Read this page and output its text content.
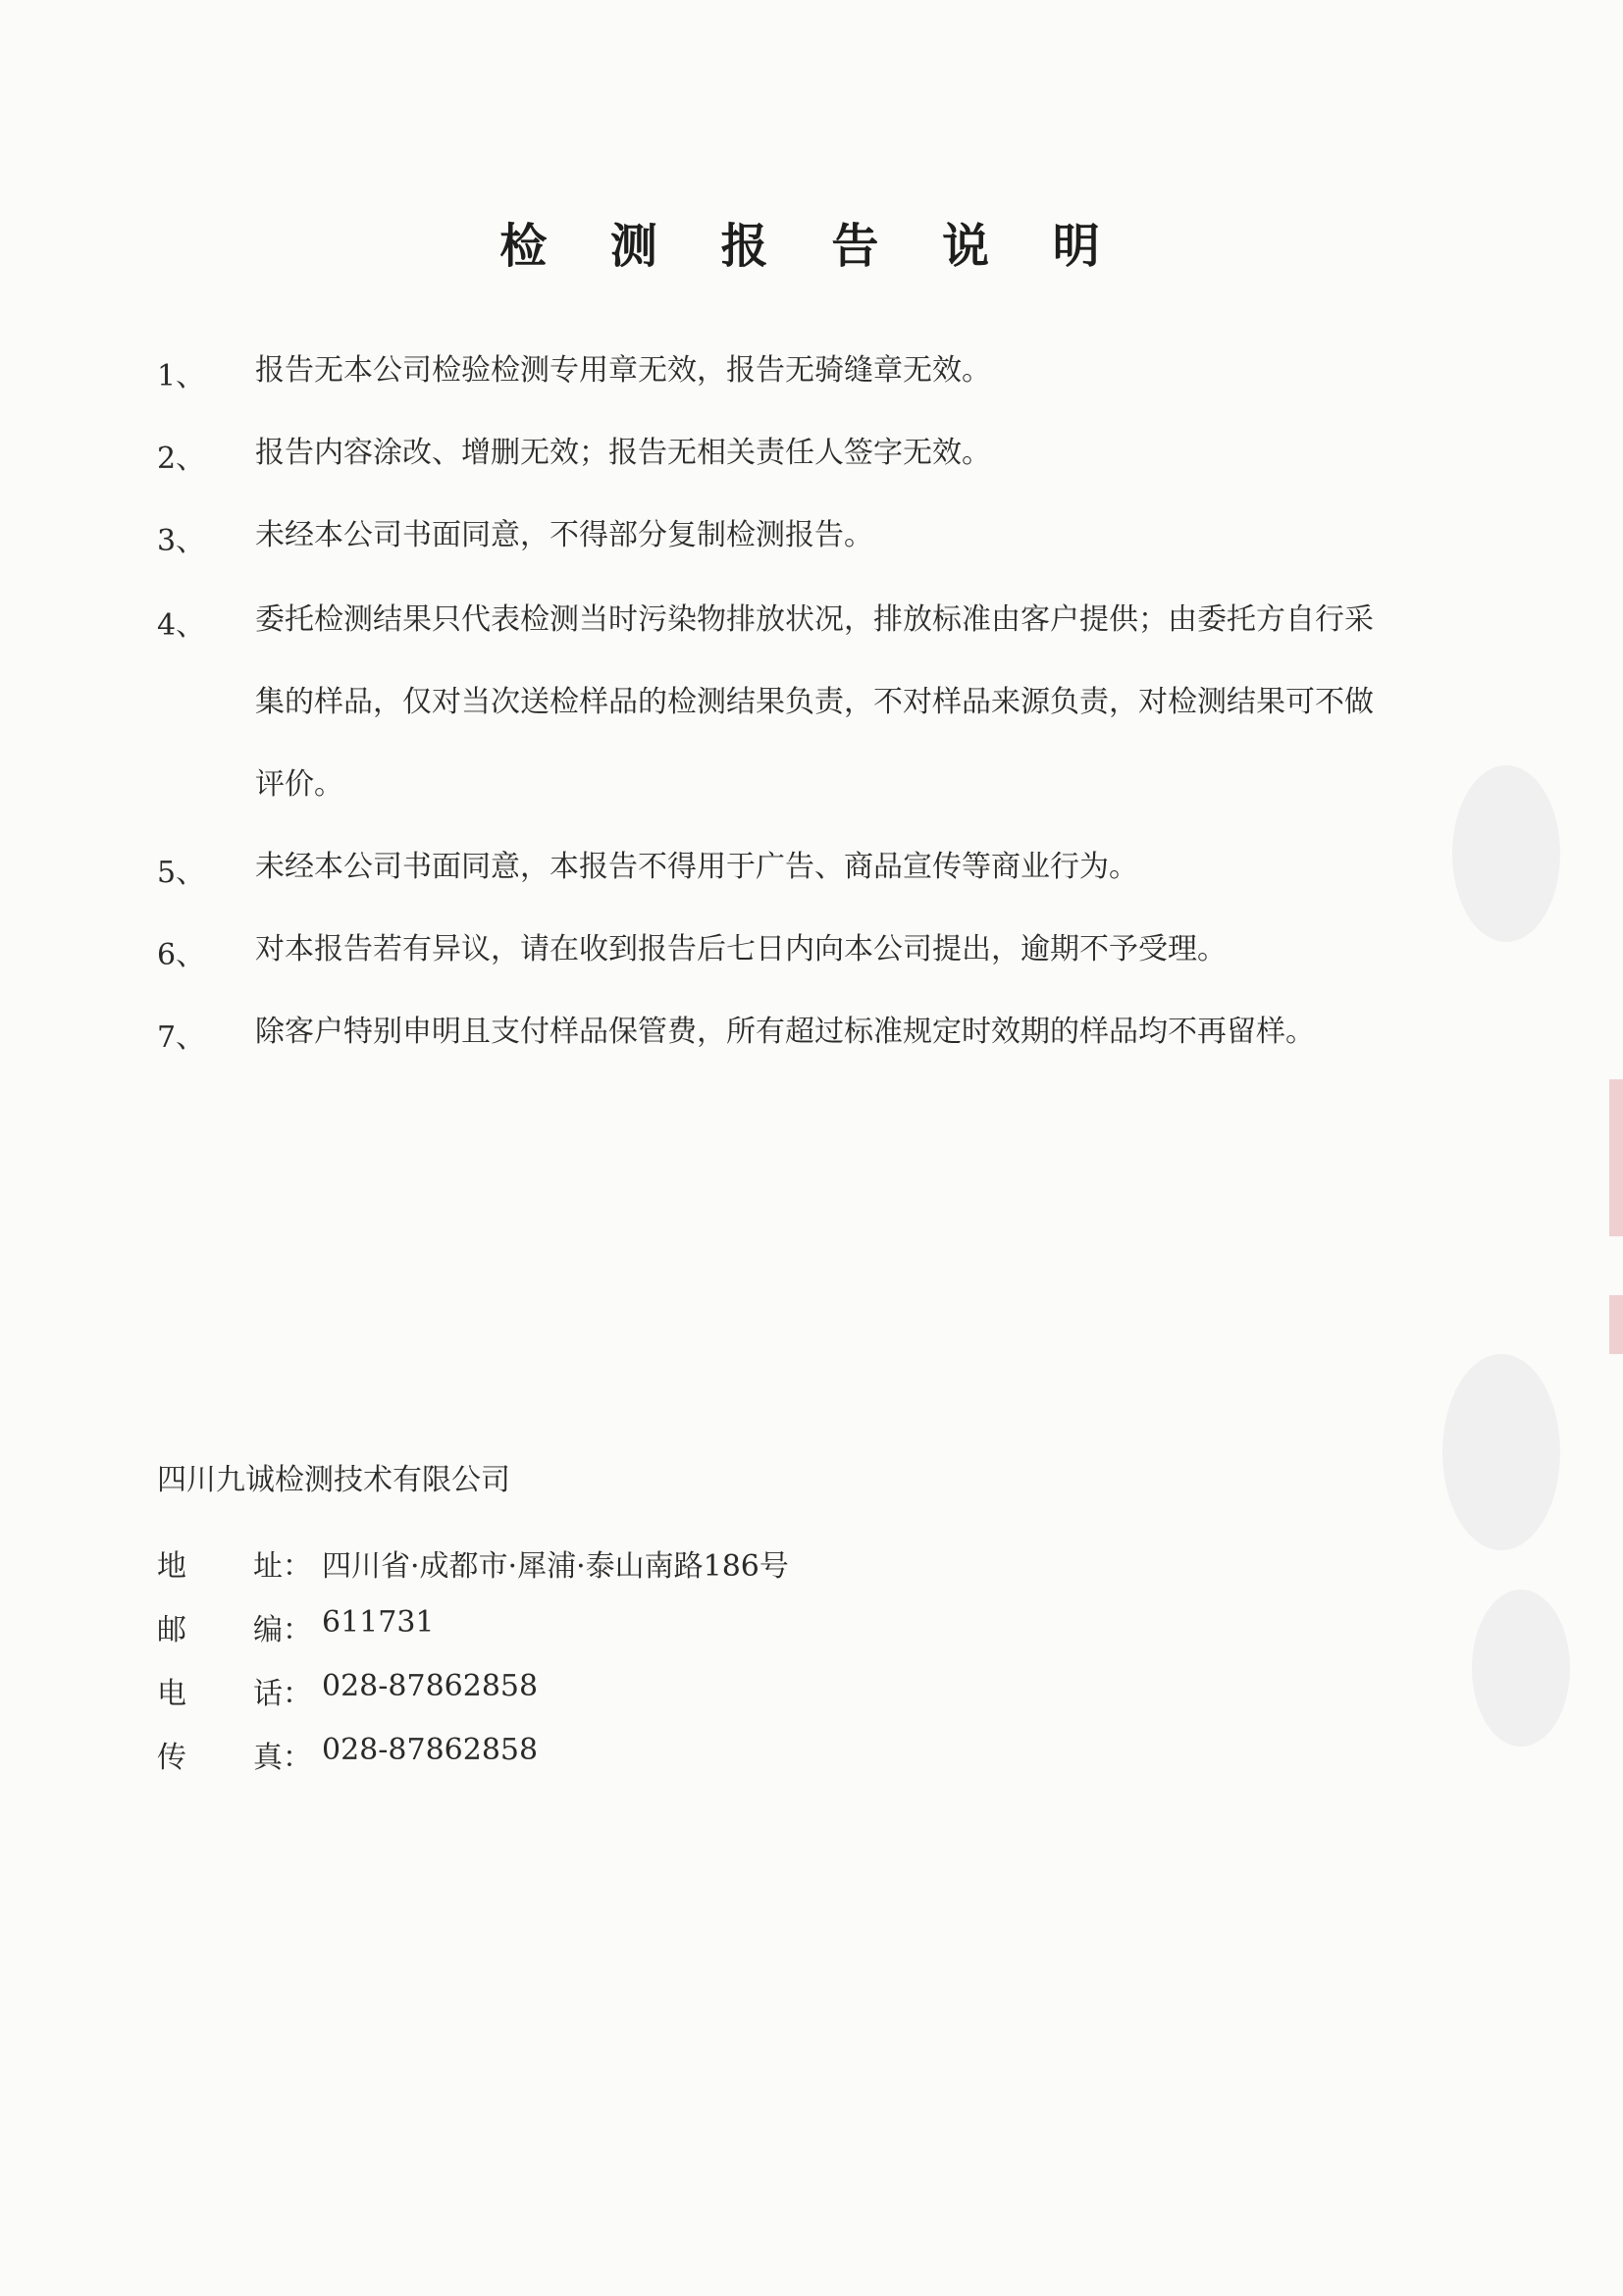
检 测 报 告 说 明
1、 报告无本公司检验检测专用章无效，报告无骑缝章无效。
2、 报告内容涂改、增删无效；报告无相关责任人签字无效。
3、 未经本公司书面同意，不得部分复制检测报告。
4、 委托检测结果只代表检测当时污染物排放状况，排放标准由客户提供；由委托方自行采
集的样品，仅对当次送检样品的检测结果负责，不对样品来源负责，对检测结果可不做
评价。
5、 未经本公司书面同意，本报告不得用于广告、商品宣传等商业行为。
6、 对本报告若有异议，请在收到报告后七日内向本公司提出，逾期不予受理。
7、 除客户特别申明且支付样品保管费，所有超过标准规定时效期的样品均不再留样。
四川九诚检测技术有限公司
地 址： 四川省·成都市·犀浦·泰山南路186号
邮 编： 611731
电 话： 028-87862858
传 真： 028-87862858
